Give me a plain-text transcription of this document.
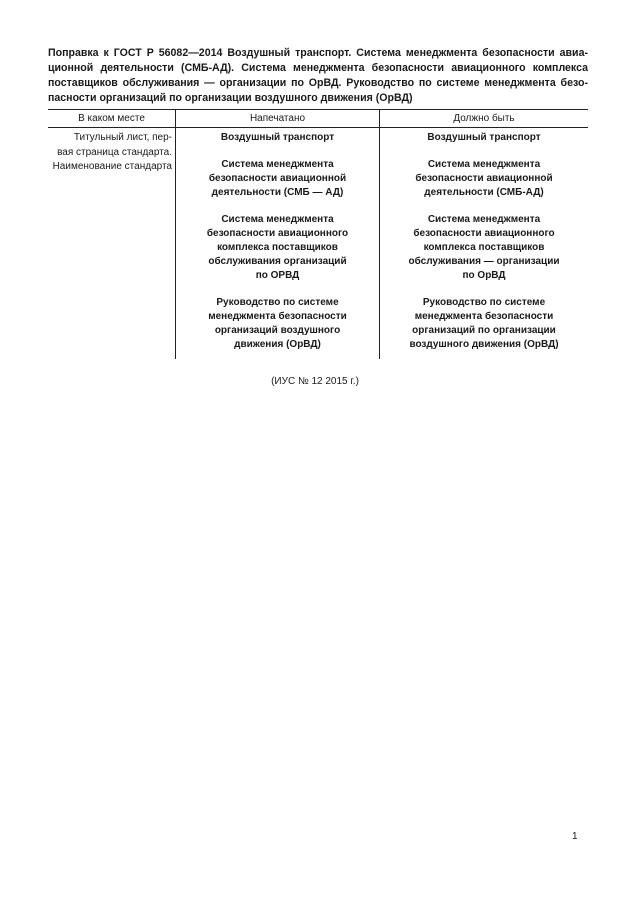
Поправка к ГОСТ Р 56082—2014 Воздушный транспорт. Система менеджмента безопасности авиа- ционной деятельности (СМБ-АД). Система менеджмента безопасности авиационного комплекса поставщиков обслуживания — организации по ОрВД. Руководство по системе менеджмента безо- пасности организаций по организации воздушного движения (ОрВД)

В каком месте	Напечатано	Должно быть
Титульный лист, пер-
вая страница стандарта.
Наименование стандарта
Воздушный транспорт
Система менеджмента
безопасности авиационной
деятельности (СМБ — АД)
Система менеджмента
безопасности авиационного
комплекса поставщиков
обслуживания организаций
по ОРВД
Руководство по системе
менеджмента безопасности
организаций воздушного
движения (ОрВД)
Воздушный транспорт
Система менеджмента
безопасности авиационной
деятельности (СМБ-АД)
Система менеджмента
безопасности авиационного
комплекса поставщиков
обслуживания — организации
по ОрВД
Руководство по системе
менеджмента безопасности
организаций по организации
воздушного движения (ОрВД)
(ИУС № 12 2015 г.)
1
